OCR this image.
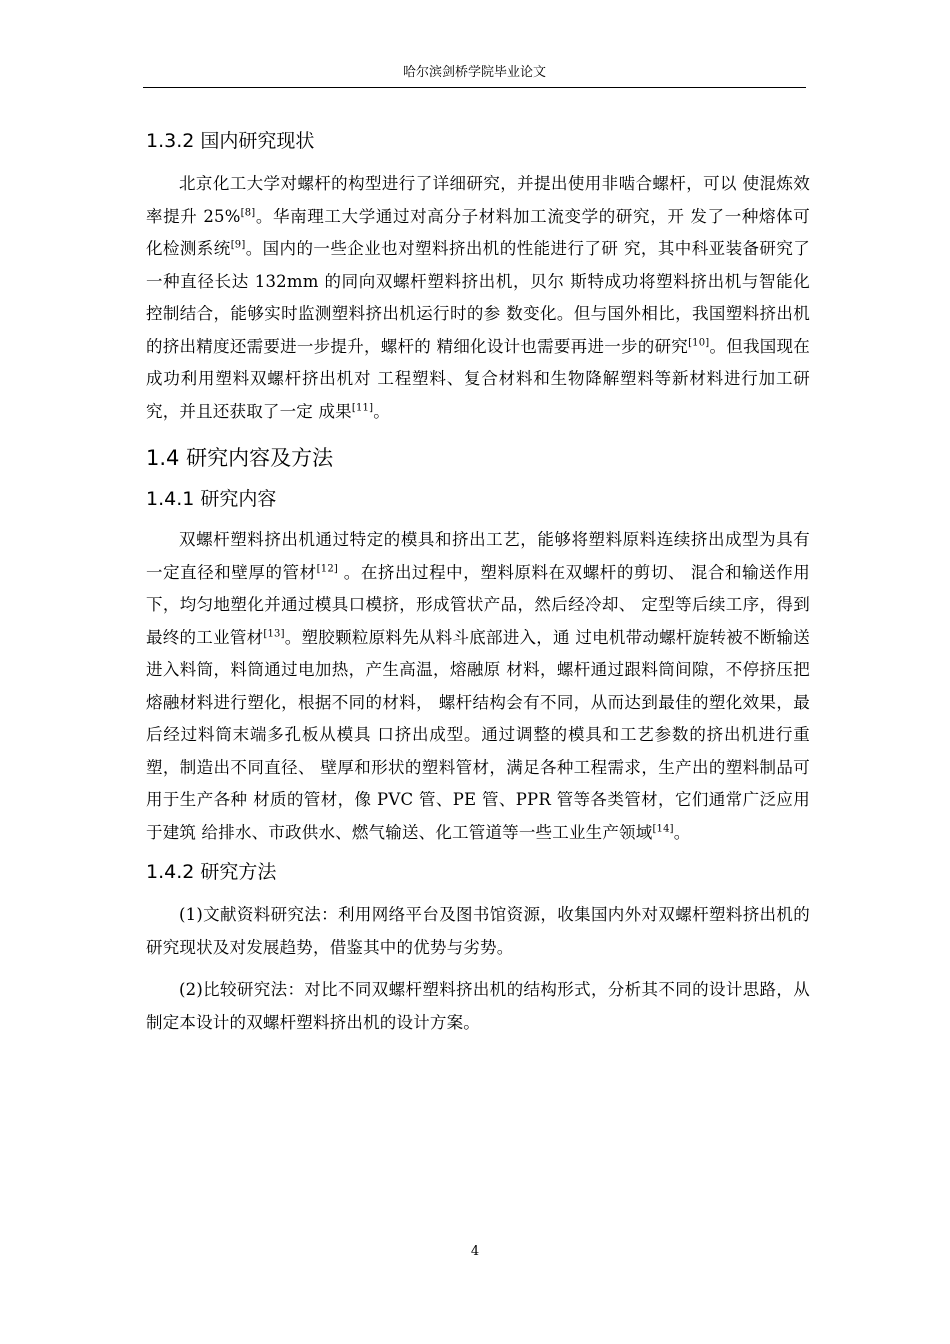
哈尔滨剑桥学院毕业论文
1.3.2 国内研究现状

北京化工大学对螺杆的构型进行了详细研究，并提出使用非啮合螺杆，可以 使混炼效率提升 25%[8]。华南理工大学通过对高分子材料加工流变学的研究，开 发了一种熔体可化检测系统[9]。国内的一些企业也对塑料挤出机的性能进行了研 究，其中科亚装备研究了一种直径长达 132mm 的同向双螺杆塑料挤出机，贝尔 斯特成功将塑料挤出机与智能化控制结合，能够实时监测塑料挤出机运行时的参 数变化。但与国外相比，我国塑料挤出机的挤出精度还需要进一步提升，螺杆的 精细化设计也需要再进一步的研究[10]。但我国现在成功利用塑料双螺杆挤出机对 工程塑料、复合材料和生物降解塑料等新材料进行加工研究，并且还获取了一定 成果[11]。

1.4 研究内容及方法
1.4.1 研究内容

双螺杆塑料挤出机通过特定的模具和挤出工艺，能够将塑料原料连续挤出成型为具有一定直径和壁厚的管材[12] 。在挤出过程中，塑料原料在双螺杆的剪切、 混合和输送作用下，均匀地塑化并通过模具口模挤，形成管状产品，然后经冷却、 定型等后续工序，得到最终的工业管材[13]。塑胶颗粒原料先从料斗底部进入，通 过电机带动螺杆旋转被不断输送进入料筒，料筒通过电加热，产生高温，熔融原 材料，螺杆通过跟料筒间隙，不停挤压把熔融材料进行塑化，根据不同的材料， 螺杆结构会有不同，从而达到最佳的塑化效果，最后经过料筒末端多孔板从模具 口挤出成型。通过调整的模具和工艺参数的挤出机进行重塑，制造出不同直径、 壁厚和形状的塑料管材，满足各种工程需求，生产出的塑料制品可用于生产各种 材质的管材，像 PVC 管、PE 管、PPR 管等各类管材，它们通常广泛应用于建筑 给排水、市政供水、燃气输送、化工管道等一些工业生产领域[14]。

1.4.2 研究方法

(1)文献资料研究法：利用网络平台及图书馆资源，收集国内外对双螺杆塑料挤出机的研究现状及对发展趋势，借鉴其中的优势与劣势。

(2)比较研究法：对比不同双螺杆塑料挤出机的结构形式，分析其不同的设计思路，从制定本设计的双螺杆塑料挤出机的设计方案。

4
